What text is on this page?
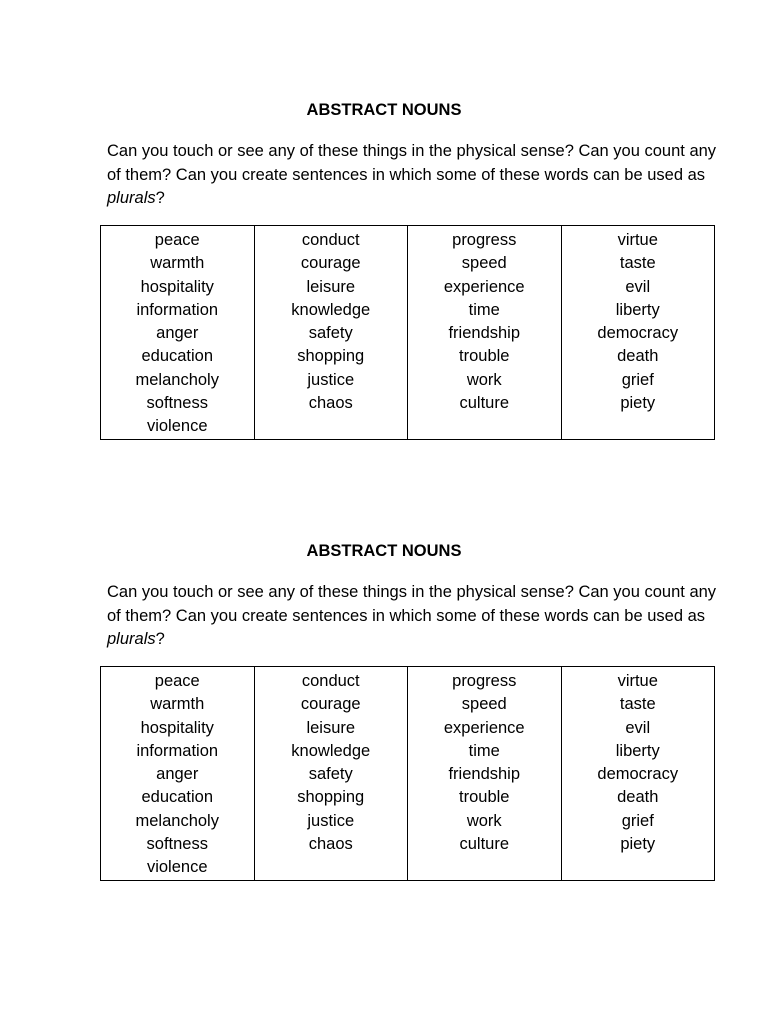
ABSTRACT NOUNS

Can you touch or see any of these things in the physical sense? Can you count any of them? Can you create sentences in which some of these words can be used as plurals?

peace
warmth
hospitality
information
anger
education
melancholy
softness
violence

conduct
courage
leisure
knowledge
safety
shopping
justice
chaos

progress
speed
experience
time
friendship
trouble
work
culture

virtue
taste
evil
liberty
democracy
death
grief
piety
ABSTRACT NOUNS

Can you touch or see any of these things in the physical sense? Can you count any of them? Can you create sentences in which some of these words can be used as plurals?

peace
warmth
hospitality
information
anger
education
melancholy
softness
violence

conduct
courage
leisure
knowledge
safety
shopping
justice
chaos

progress
speed
experience
time
friendship
trouble
work
culture

virtue
taste
evil
liberty
democracy
death
grief
piety
